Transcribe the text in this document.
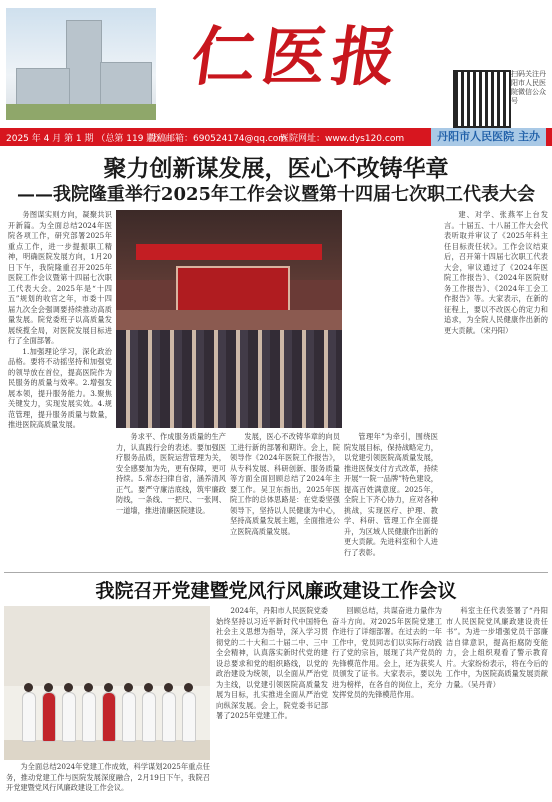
仁医报	扫码关注丹阳市人民医院微信公众号
2025 年 4 月 第 1 期 （总第 119 期）
投稿邮箱：690524174@qq.com
医院网址：www.dys120.com	丹阳市人民医院 主办
聚力创新谋发展，医心不改铸华章
——我院隆重举行2025年工作会议暨第十四届七次职工代表大会

务图谋实则方向，凝聚共识开新篇。为全面总结2024年医院各项工作，研究部署2025年重点工作，进一步提振职工精神，明确医院发展方向，1月20日下午，我院隆重召开2025年医院工作会议暨第十四届七次职工代表大会。2025年是“十四五”规划的收官之年，市委十四届九次全会强调要持续推动高质量发展。院党委班子以高质量发展统揽全局，对医院发展目标进行了全面部署。

1.加强理论学习，深化政治品格。要将不动摇坚持和加强党的领导放在首位，提高医院作为民服务的质量与效率。2.增强发展本领，提升服务能力。3.聚焦关键发力，实现发展实效。4.规范管理，提升服务质量与数量，推进医院高质量发展。

务求平、作成服务质量的生产力，认真践行会的表述。要加强医疗服务品质，医院运营管理为关，安全感要加为先，更有保障，更可持续。5.常态扫律自省，涵养清风正气。要严守廉洁底线，筑牢廉政防线，一条线、一把尺、一张网、一道墙，推进清廉医院建设。

发展，医心不改铸华章的向员工进行新的部署和期许。会上，院领导作《2024年医院工作报告》，从专科发展、科研创新、服务质量等方面全面回顾总结了2024年主要工作。吴卫东指出，2025年医院工作的总体思路是：在党委坚强领导下，坚持以人民健康为中心，坚持高质量发展主题，全面推进公立医院高质量发展。

管理年”为牵引，围绕医院发展目标，保持战略定力，以党建引领医院高质量发展，推进医保支付方式改革，持续开展“一院一品牌”特色建设，提高百姓满意度。2025年，全院上下齐心协力，应对各种挑战，实现医疗、护理、教学、科研、管理工作全面提升，为区域人民健康作出新的更大贡献。先进科室和个人进行了表彰。

建、对学、张燕军上台发言。十届五、十八届工作大会代表听取并审议了《2025年科主任目标责任状》。工作会议结束后，召开第十四届七次职工代表大会，审议通过了《2024年医院工作报告》、《2024年医院财务工作报告》、《2024年工会工作报告》等。大家表示，在新的征程上，要以不改医心的定力和追求，为全院人民健康作出新的更大贡献。（宋丹阳）

我院召开党建暨党风行风廉政建设工作会议

为全面总结2024年党建工作成效，科学谋划2025年重点任务，推动党建工作与医院发展深度融合，2月19日下午，我院召开党建暨党风行风廉政建设工作会议。

2024年，丹阳市人民医院党委始终坚持以习近平新时代中国特色社会主义思想为指导，深入学习贯彻党的二十大和二十届二中、三中全会精神，认真落实新时代党的建设总要求和党的组织路线，以党的政治建设为统领，以全面从严治党为主线，以党建引领医院高质量发展为目标，扎实推进全面从严治党向纵深发展。会上，院党委书记部署了2025年党建工作。

回顾总结，共谋奋进力量作为奋斗方向。对2025年医院党建工作进行了详细部署。在过去的一年工作中，党员同志们以实际行动践行了党的宗旨，展现了共产党员的先锋模范作用。会上，还为获奖人员颁发了证书。大家表示，要以先进为榜样，在各自的岗位上，充分发挥党员的先锋模范作用。

科室主任代表签署了“丹阳市人民医院党风廉政建设责任书”。为进一步增强党员干部廉洁自律意识，提高拒腐防变能力，会上组织观看了警示教育片。大家纷纷表示，将在今后的工作中，为医院高质量发展贡献力量。（吴丹青）
